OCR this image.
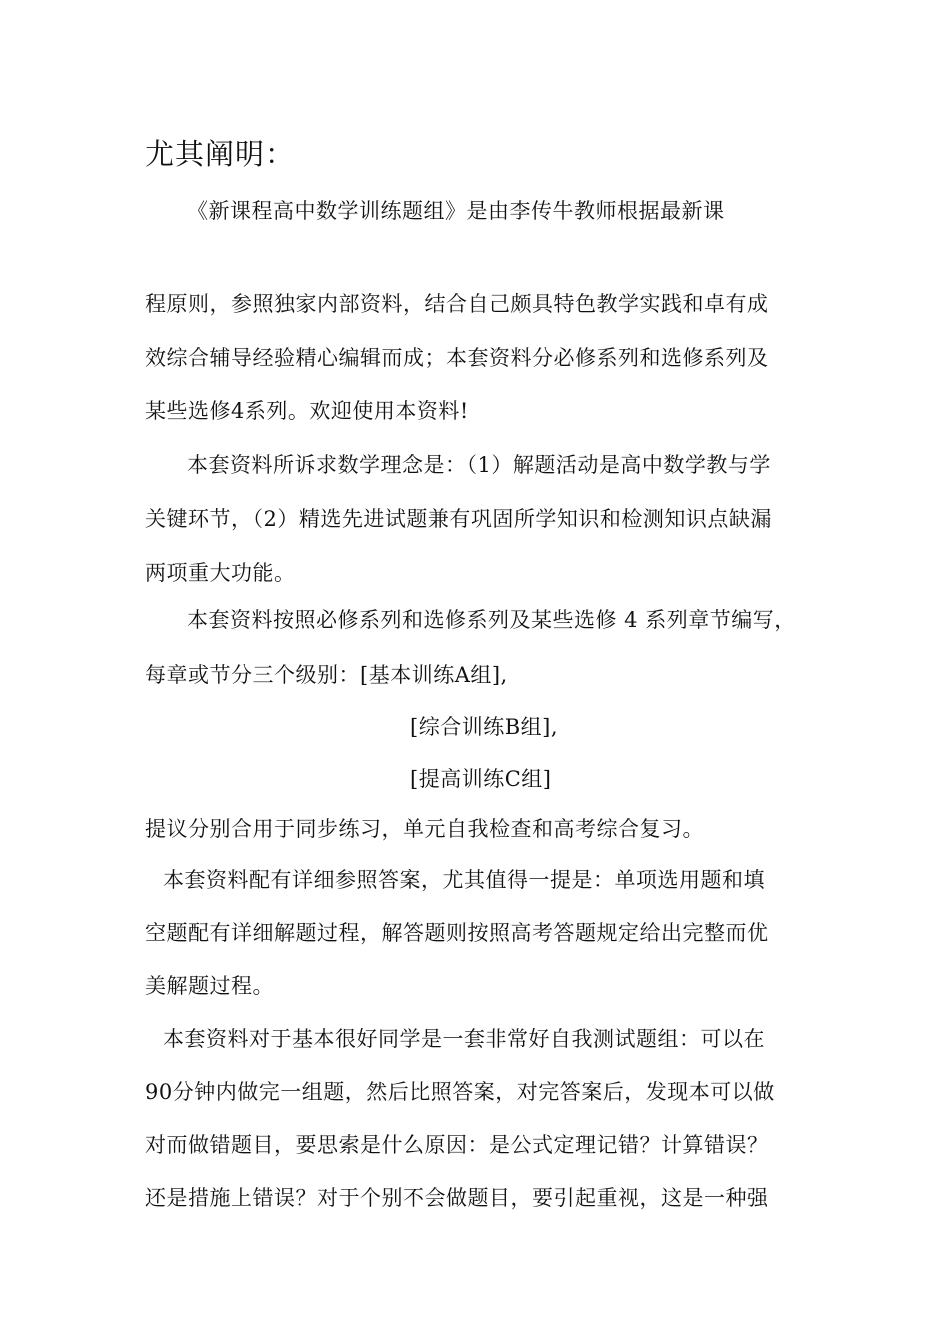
尤其阐明：
《新课程高中数学训练题组》是由李传牛教师根据最新课
程原则，参照独家内部资料，结合自己颇具特色教学实践和卓有成
效综合辅导经验精心编辑而成；本套资料分必修系列和选修系列及
某些选修4系列。欢迎使用本资料!
本套资料所诉求数学理念是：（1）解题活动是高中数学教与学
关键环节，（2）精选先进试题兼有巩固所学知识和检测知识点缺漏
两项重大功能。
本套资料按照必修系列和选修系列及某些选修 4 系列章节编写，
每章或节分三个级别：[基本训练A组],
[综合训练B组],
[提高训练C组]
提议分别合用于同步练习，单元自我检查和高考综合复习。
本套资料配有详细参照答案，尤其值得一提是：单项选用题和填
空题配有详细解题过程，解答题则按照高考答题规定给出完整而优
美解题过程。
本套资料对于基本很好同学是一套非常好自我测试题组：可以在
90分钟内做完一组题，然后比照答案，对完答案后，发现本可以做
对而做错题目，要思索是什么原因：是公式定理记错？计算错误？
还是措施上错误？对于个别不会做题目，要引起重视，这是一种强
